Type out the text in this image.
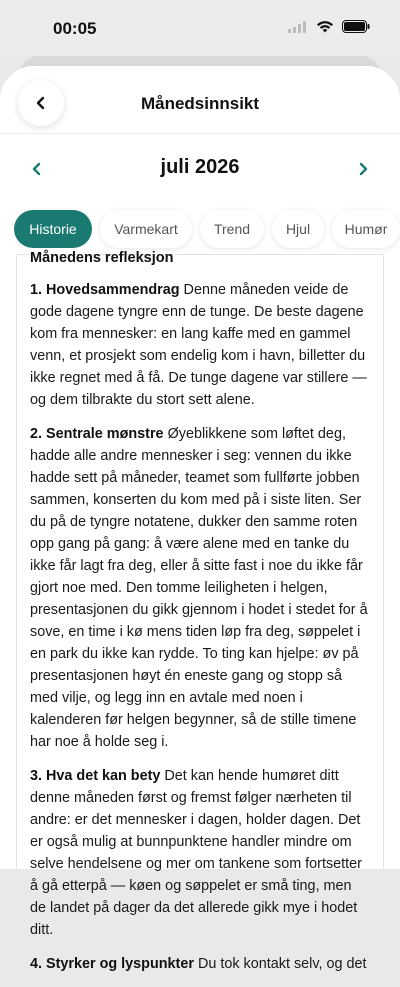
00:05
Månedsinnsikt
juli 2026
Historie	Varmekart	Trend	Hjul	Humør
Månedens refleksjon

1. Hovedsammendrag Denne måneden veide de gode dagene tyngre enn de tunge. De beste dagene kom fra mennesker: en lang kaffe med en gammel venn, et prosjekt som endelig kom i havn, billetter du ikke regnet med å få. De tunge dagene var stillere — og dem tilbrakte du stort sett alene.

2. Sentrale mønstre Øyeblikkene som løftet deg, hadde alle andre mennesker i seg: vennen du ikke hadde sett på måneder, teamet som fullførte jobben sammen, konserten du kom med på i siste liten. Ser du på de tyngre notatene, dukker den samme roten opp gang på gang: å være alene med en tanke du ikke får lagt fra deg, eller å sitte fast i noe du ikke får gjort noe med. Den tomme leiligheten i helgen, presentasjonen du gikk gjennom i hodet i stedet for å sove, en time i kø mens tiden løp fra deg, søppelet i en park du ikke kan rydde. To ting kan hjelpe: øv på presentasjonen høyt én eneste gang og stopp så med vilje, og legg inn en avtale med noen i kalenderen før helgen begynner, så de stille timene har noe å holde seg i.

3. Hva det kan bety Det kan hende humøret ditt denne måneden først og fremst følger nærheten til andre: er det mennesker i dagen, holder dagen. Det er også mulig at bunnpunktene handler mindre om selve hendelsene og mer om tankene som fortsetter å gå etterpå — køen og søppelet er små ting, men de landet på dager da det allerede gikk mye i hodet ditt.

4. Styrker og lyspunkter Du tok kontakt selv, og det
